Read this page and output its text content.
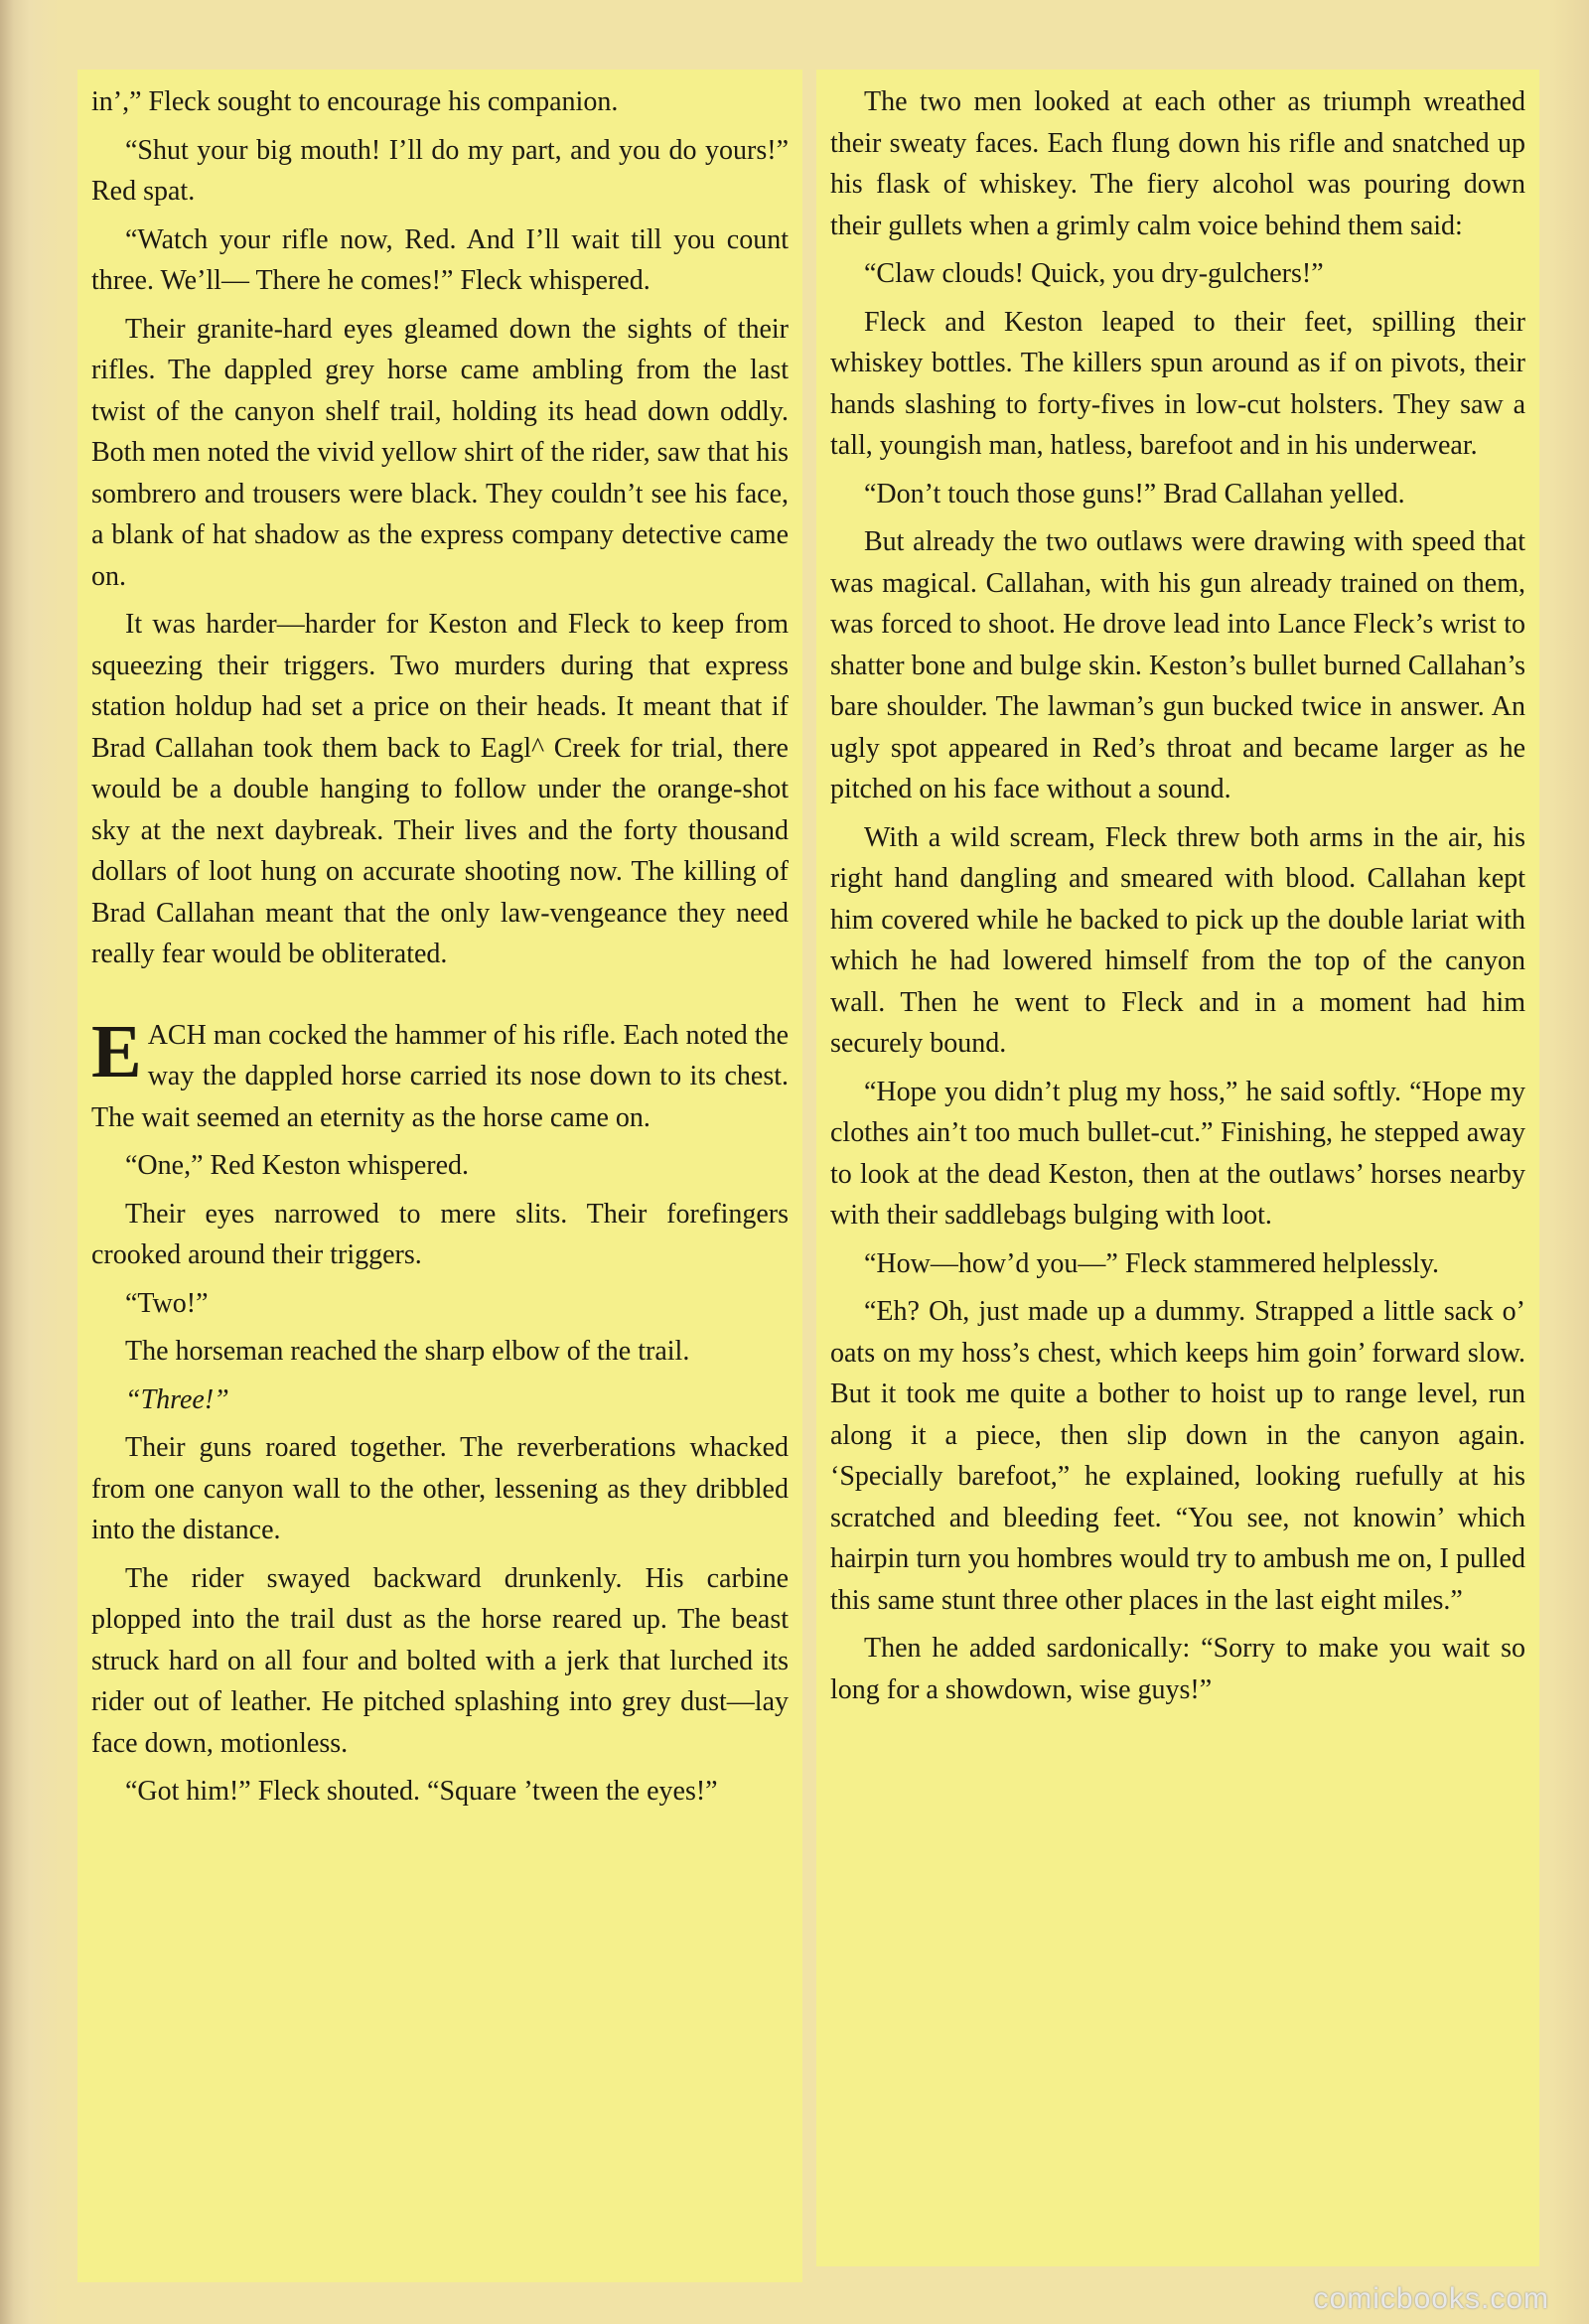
in’,” Fleck sought to encourage his companion.

“Shut your big mouth! I’ll do my part, and you do yours!” Red spat.

“Watch your rifle now, Red. And I’ll wait till you count three. We’ll— There he comes!” Fleck whispered.

Their granite-hard eyes gleamed down the sights of their rifles. The dappled grey horse came ambling from the last twist of the canyon shelf trail, holding its head down oddly. Both men noted the vivid yellow shirt of the rider, saw that his sombrero and trousers were black. They couldn’t see his face, a blank of hat shadow as the express company detective came on.

It was harder—harder for Keston and Fleck to keep from squeezing their triggers. Two murders during that express station holdup had set a price on their heads. It meant that if Brad Callahan took them back to Eagl^ Creek for trial, there would be a double hanging to follow under the orange-shot sky at the next daybreak. Their lives and the forty thousand dollars of loot hung on accurate shooting now. The killing of Brad Callahan meant that the only law-vengeance they need really fear would be obliterated.

EACH man cocked the hammer of his rifle. Each noted the way the dappled horse carried its nose down to its chest. The wait seemed an eternity as the horse came on.

“One,” Red Keston whispered.

Their eyes narrowed to mere slits. Their forefingers crooked around their triggers.

“Two!”

The horseman reached the sharp elbow of the trail.

“Three!”

Their guns roared together. The reverberations whacked from one canyon wall to the other, lessening as they dribbled into the distance.

The rider swayed backward drunkenly. His carbine plopped into the trail dust as the horse reared up. The beast struck hard on all four and bolted with a jerk that lurched its rider out of leather. He pitched splashing into grey dust—lay face down, motionless.

“Got him!” Fleck shouted. “Square ’tween the eyes!”

The two men looked at each other as triumph wreathed their sweaty faces. Each flung down his rifle and snatched up his flask of whiskey. The fiery alcohol was pouring down their gullets when a grimly calm voice behind them said:

“Claw clouds! Quick, you dry-gulchers!”

Fleck and Keston leaped to their feet, spilling their whiskey bottles. The killers spun around as if on pivots, their hands slashing to forty-fives in low-cut holsters. They saw a tall, youngish man, hatless, barefoot and in his underwear.

“Don’t touch those guns!” Brad Callahan yelled.

But already the two outlaws were drawing with speed that was magical. Callahan, with his gun already trained on them, was forced to shoot. He drove lead into Lance Fleck’s wrist to shatter bone and bulge skin. Keston’s bullet burned Callahan’s bare shoulder. The lawman’s gun bucked twice in answer. An ugly spot appeared in Red’s throat and became larger as he pitched on his face without a sound.

With a wild scream, Fleck threw both arms in the air, his right hand dangling and smeared with blood. Callahan kept him covered while he backed to pick up the double lariat with which he had lowered himself from the top of the canyon wall. Then he went to Fleck and in a moment had him securely bound.

“Hope you didn’t plug my hoss,” he said softly. “Hope my clothes ain’t too much bullet-cut.” Finishing, he stepped away to look at the dead Keston, then at the outlaws’ horses nearby with their saddlebags bulging with loot.

“How—how’d you—” Fleck stammered helplessly.

“Eh? Oh, just made up a dummy. Strapped a little sack o’ oats on my hoss’s chest, which keeps him goin’ forward slow. But it took me quite a bother to hoist up to range level, run along it a piece, then slip down in the canyon again. ‘Specially barefoot,” he explained, looking ruefully at his scratched and bleeding feet. “You see, not knowin’ which hairpin turn you hombres would try to ambush me on, I pulled this same stunt three other places in the last eight miles.”

Then he added sardonically: “Sorry to make you wait so long for a showdown, wise guys!”

comicbooks.com
